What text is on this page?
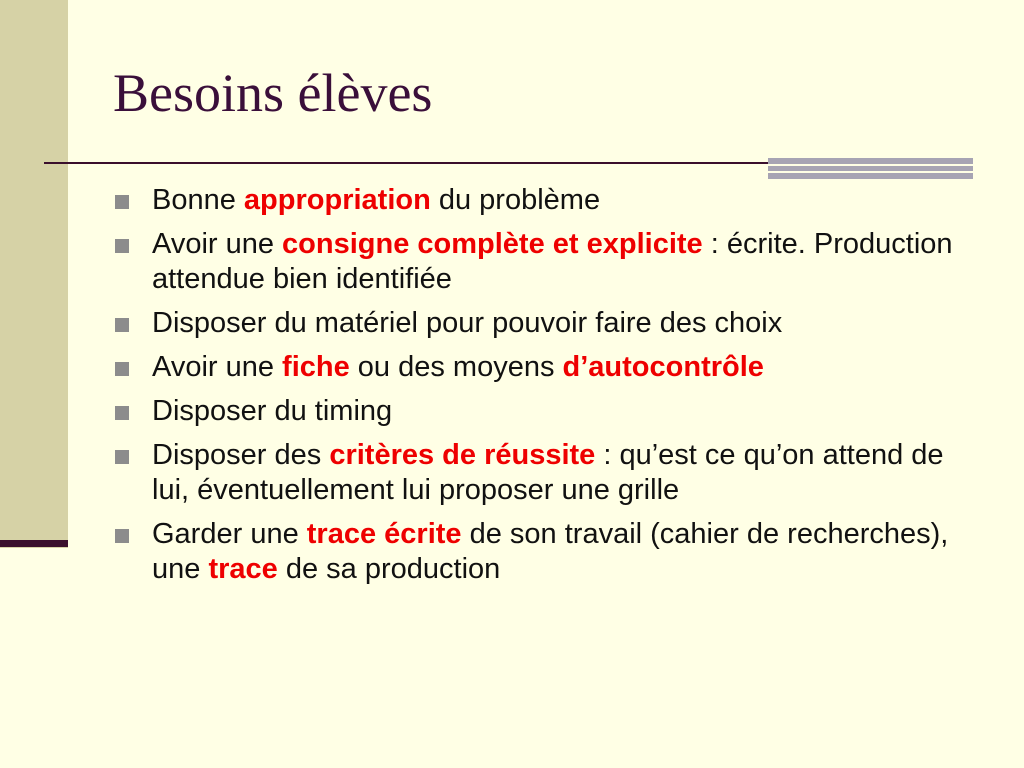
Besoins élèves
Bonne appropriation du problème
Avoir une consigne complète et explicite : écrite. Production attendue bien identifiée
Disposer du matériel pour pouvoir faire des choix
Avoir une fiche ou des moyens d’autocontrôle
Disposer du timing
Disposer des critères de réussite : qu’est ce qu’on attend de lui, éventuellement lui proposer une grille
Garder une trace écrite de son travail (cahier de recherches), une trace de sa production
